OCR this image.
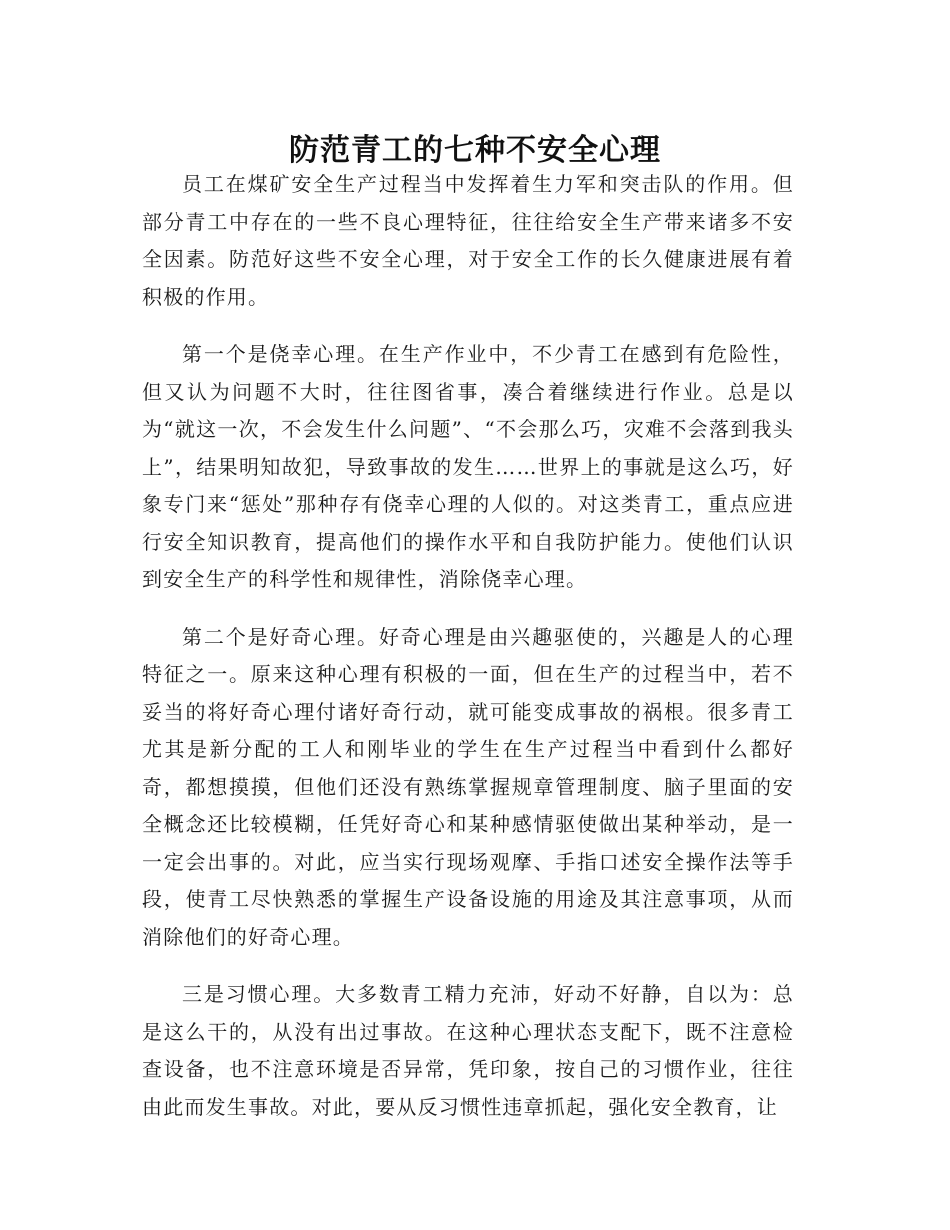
防范青工的七种不安全心理

员工在煤矿安全生产过程当中发挥着生力军和突击队的作用。但部分青工中存在的一些不良心理特征，往往给安全生产带来诸多不安全因素。防范好这些不安全心理，对于安全工作的长久健康进展有着积极的作用。

第一个是侥幸心理。在生产作业中，不少青工在感到有危险性，但又认为问题不大时，往往图省事，凑合着继续进行作业。总是以为“就这一次，不会发生什么问题”、“不会那么巧，灾难不会落到我头上”，结果明知故犯，导致事故的发生……世界上的事就是这么巧，好象专门来“惩处”那种存有侥幸心理的人似的。对这类青工，重点应进行安全知识教育，提高他们的操作水平和自我防护能力。使他们认识到安全生产的科学性和规律性，消除侥幸心理。

第二个是好奇心理。好奇心理是由兴趣驱使的，兴趣是人的心理特征之一。原来这种心理有积极的一面，但在生产的过程当中，若不妥当的将好奇心理付诸好奇行动，就可能变成事故的祸根。很多青工尤其是新分配的工人和刚毕业的学生在生产过程当中看到什么都好奇，都想摸摸，但他们还没有熟练掌握规章管理制度、脑子里面的安全概念还比较模糊，任凭好奇心和某种感情驱使做出某种举动，是一一定会出事的。对此，应当实行现场观摩、手指口述安全操作法等手段，使青工尽快熟悉的掌握生产设备设施的用途及其注意事项，从而消除他们的好奇心理。

三是习惯心理。大多数青工精力充沛，好动不好静，自以为：总是这么干的，从没有出过事故。在这种心理状态支配下，既不注意检查设备，也不注意环境是否异常，凭印象，按自己的习惯作业，往往由此而发生事故。对此，要从反习惯性违章抓起，强化安全教育，让
